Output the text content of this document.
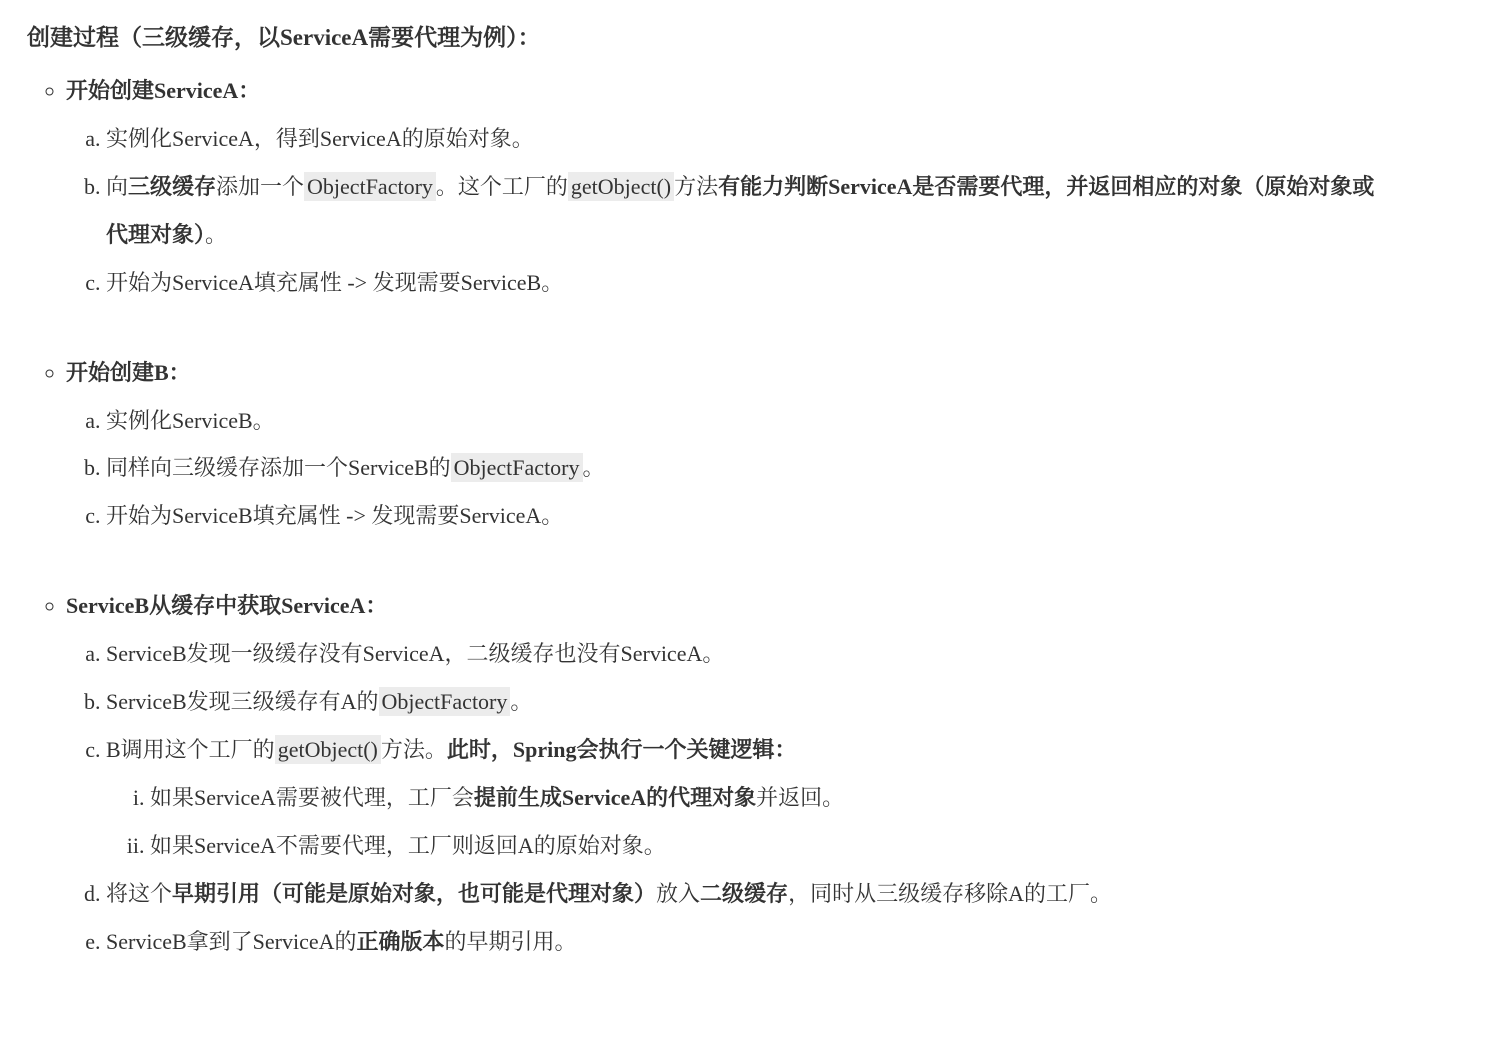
创建过程（三级缓存，以ServiceA需要代理为例）：

◦ 开始创建ServiceA：
a. 实例化ServiceA，得到ServiceA的原始对象。
b. 向三级缓存添加一个 ObjectFactory 。这个工厂的 getObject() 方法有能力判断ServiceA是否需要代理，并返回相应的对象（原始对象或代理对象）。
c. 开始为ServiceA填充属性 -> 发现需要ServiceB。
◦ 开始创建B：
a. 实例化ServiceB。
b. 同样向三级缓存添加一个ServiceB的 ObjectFactory 。
c. 开始为ServiceB填充属性 -> 发现需要ServiceA。
◦ ServiceB从缓存中获取ServiceA：
a. ServiceB发现一级缓存没有ServiceA，二级缓存也没有ServiceA。
b. ServiceB发现三级缓存有A的 ObjectFactory 。
c. B调用这个工厂的 getObject() 方法。此时，Spring会执行一个关键逻辑：
i. 如果ServiceA需要被代理，工厂会提前生成ServiceA的代理对象并返回。
ii. 如果ServiceA不需要代理，工厂则返回A的原始对象。
d. 将这个早期引用（可能是原始对象，也可能是代理对象）放入二级缓存，同时从三级缓存移除A的工厂。
e. ServiceB拿到了ServiceA的正确版本的早期引用。
